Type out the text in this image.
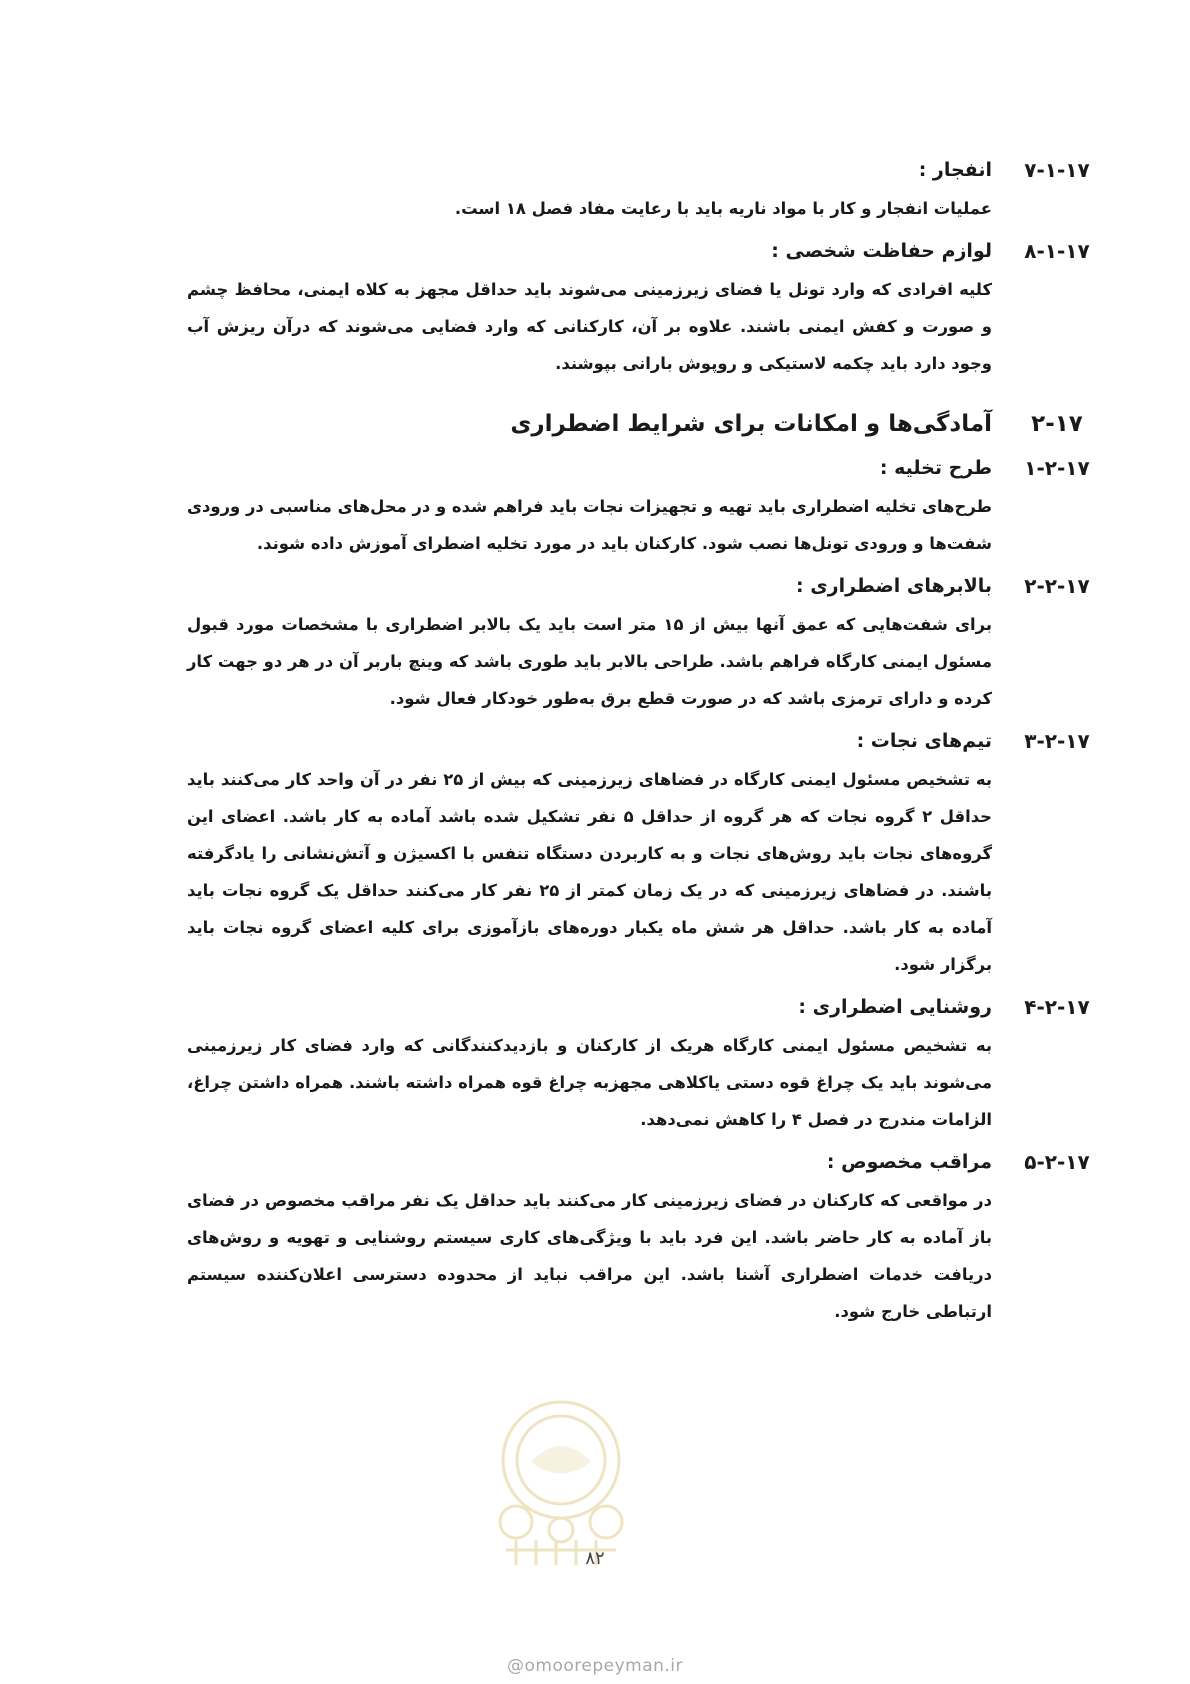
۷-۱-۱۷
انفجار :

عملیات انفجار و کار با مواد ناریه باید با رعایت مفاد فصل ۱۸ است.

۸-۱-۱۷
لوازم حفاظت شخصی :

کلیه افرادی که وارد تونل یا فضای زیرزمینی می‌شوند باید حداقل مجهز به کلاه ایمنی، محافظ چشم و صورت و کفش ایمنی باشند. علاوه بر آن، کارکنانی که وارد فضایی می‌شوند که درآن ریزش آب وجود دارد باید چکمه لاستیکی و روپوش بارانی بپوشند.

۲-۱۷
آمادگی‌ها و امکانات برای شرایط اضطراری
۱-۲-۱۷
طرح تخلیه :

طرح‌های تخلیه اضطراری باید تهیه و تجهیزات نجات باید فراهم شده و در محل‌های مناسبی در ورودی شفت‌ها و ورودی تونل‌ها نصب شود. کارکنان باید در مورد تخلیه اضطرای آموزش داده شوند.

۲-۲-۱۷
بالابرهای اضطراری :

برای شفت‌هایی که عمق آنها بیش از ۱۵ متر است باید یک بالابر اضطراری با مشخصات مورد قبول مسئول ایمنی کارگاه فراهم باشد. طراحی بالابر باید طوری باشد که وینچ باربر آن در هر دو جهت کار کرده و دارای ترمزی باشد که در صورت قطع برق به‌طور خودکار فعال شود.

۳-۲-۱۷
تیم‌های نجات :

به تشخیص مسئول ایمنی کارگاه در فضاهای زیرزمینی که بیش از ۲۵ نفر در آن واحد کار می‌کنند باید حداقل ۲ گروه نجات که هر گروه از حداقل ۵ نفر تشکیل شده باشد آماده به کار باشد. اعضای این گروه‌های نجات باید روش‌های نجات و به کاربردن دستگاه تنفس با اکسیژن و آتش‌نشانی را یادگرفته باشند. در فضاهای زیرزمینی که در یک زمان کمتر از ۲۵ نفر کار می‌کنند حداقل یک گروه نجات باید آماده به کار باشد. حداقل هر شش ماه یکبار دوره‌های بازآموزی برای کلیه اعضای گروه نجات باید برگزار شود.

۴-۲-۱۷
روشنایی اضطراری :

به تشخیص مسئول ایمنی کارگاه هریک از کارکنان و بازدیدکنندگانی که وارد فضای کار زیرزمینی می‌شوند باید یک چراغ قوه دستی یاکلاهی مجهزبه چراغ قوه همراه داشته باشند. همراه داشتن چراغ، الزامات مندرج در فصل ۴ را کاهش نمی‌دهد.

۵-۲-۱۷
مراقب مخصوص :

در مواقعی که کارکنان در فضای زیرزمینی کار می‌کنند باید حداقل یک نفر مراقب مخصوص در فضای باز آماده به کار حاضر باشد. این فرد باید با ویژگی‌های کاری سیستم روشنایی و تهویه و روش‌های دریافت خدمات اضطراری آشنا باشد. این مراقب نباید از محدوده دسترسی اعلان‌کننده سیستم ارتباطی خارج شود.

۸۲
@omoorepeyman.ir
